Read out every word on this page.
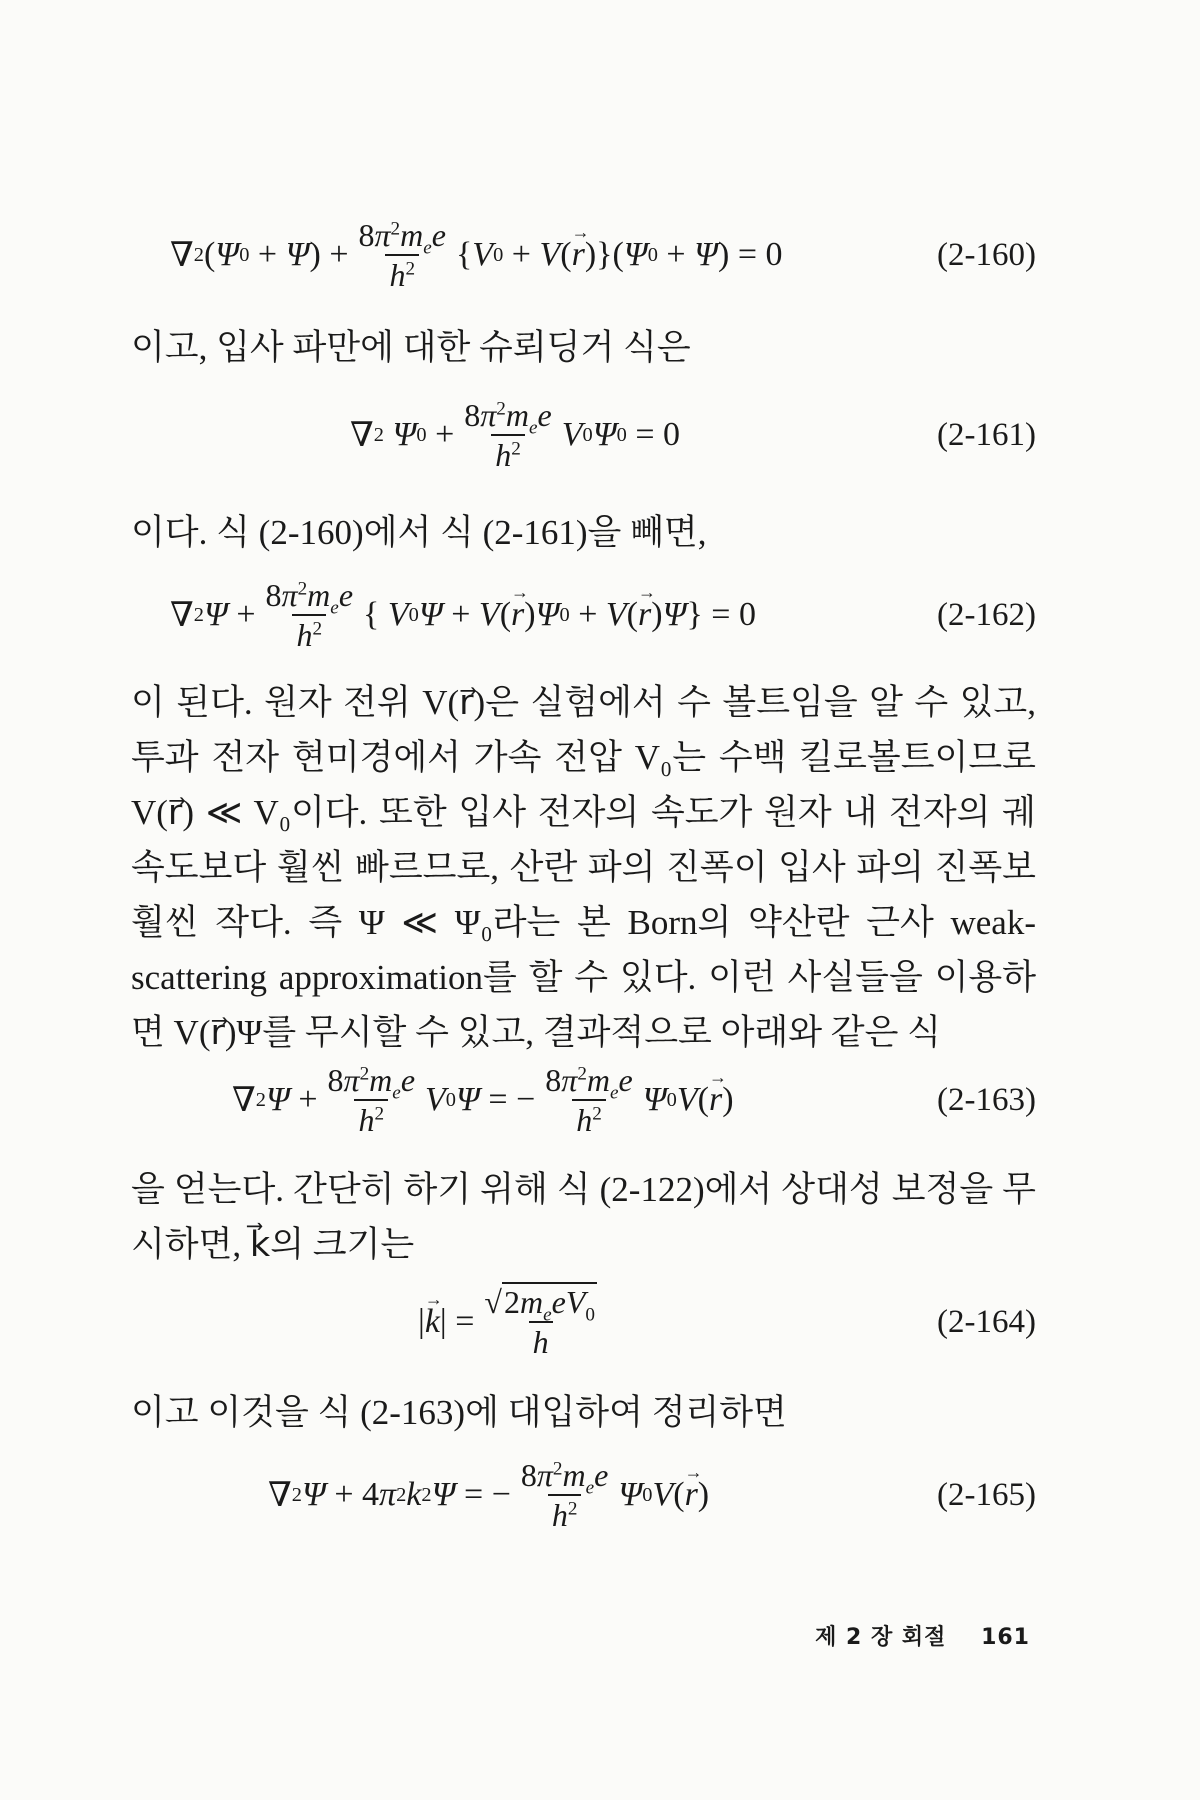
∇ 2 ( Ψ 0
+ Ψ )
+ $\frac{8\pi^2m_ee}{h^2}$ { V 0
+ V ( → r )}( Ψ 0
+ Ψ )
=
0	(2-160)

이고, 입사 파만에 대한 슈뢰딩거 식은

∇ 2 Ψ 0
+ $\frac{8\pi^2m_ee}{h^2}$ V 0 Ψ 0
=
0	(2-161)

이다. 식 (2-160)에서 식 (2-161)을 빼면,

∇ 2 $\Psi + \frac{8\pi^2m_ee}{h^2}$ { V 0 Ψ + V ( → r ) Ψ 0
+ V ( → r ) Ψ }
=
0	(2-162)
이 된다. 원자 전위 V(r⃗)은 실험에서 수 볼트임을 알 수 있고,
투과 전자 현미경에서 가속 전압 V₀는 수백 킬로볼트이므로
V(r⃗) ≪ V₀이다. 또한 입사 전자의 속도가 원자 내 전자의 궤
속도보다 훨씬 빠르므로, 산란 파의 진폭이 입사 파의 진폭보
훨씬 작다. 즉 Ψ ≪ Ψ₀라는 본 Born의 약산란 근사 weak-
scattering approximation를 할 수 있다. 이런 사실들을 이용하
면 V(r⃗)Ψ를 무시할 수 있고, 결과적으로 아래와 같은 식
∇ 2 $\Psi + \frac{8\pi^2m_ee}{h^2}$ V 0 Ψ =
− $\frac{8\pi^2m_ee}{h^2}$ Ψ 0 V ( → r )	(2-163)
을 얻는다. 간단히 하기 위해 식 (2-122)에서 상대성 보정을 무
시하면, k⃗의 크기는
| → k |
= $\frac{√2m_eeV_0}{h}$	(2-164)

이고 이것을 식 (2-163)에 대입하여 정리하면

∇ 2 Ψ +
4 π 2 k 2 Ψ =
− $\frac{8\pi^2m_ee}{h^2}$ Ψ 0 V ( → r )	(2-165)
제 2 장 회절 161
